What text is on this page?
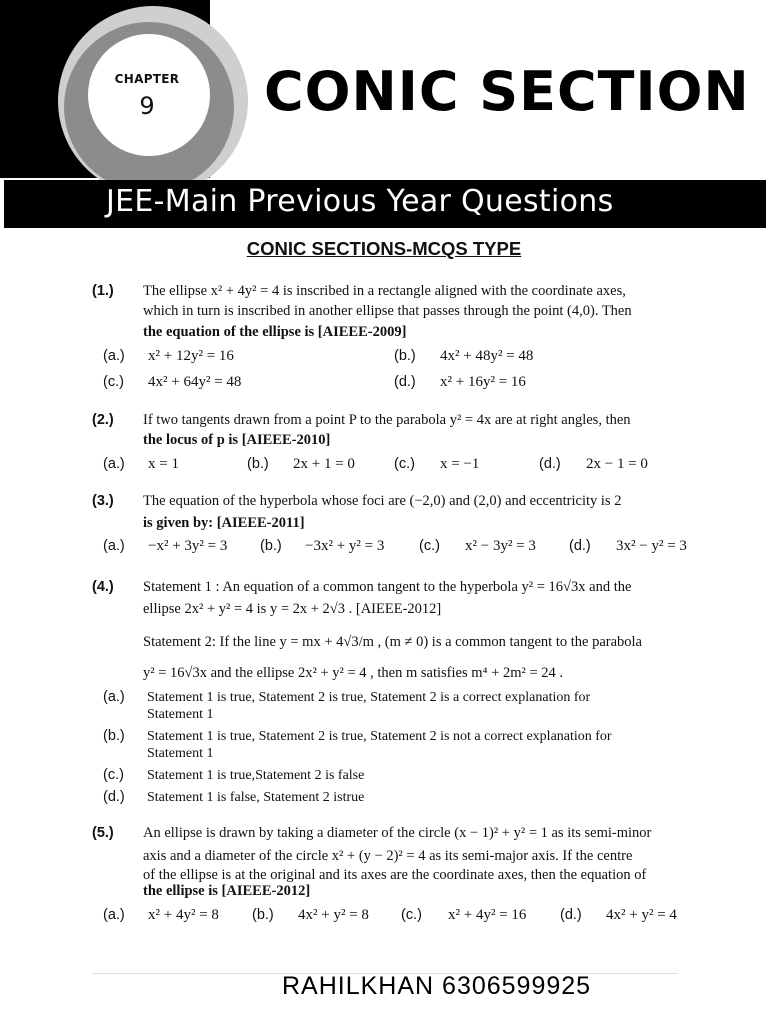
CHAPTER
9	CONIC SECTION
JEE-Main Previous Year Questions
CONIC SECTIONS-MCQS TYPE
(1.) The ellipse x² + 4y² = 4 is inscribed in a rectangle aligned with the coordinate axes,
which in turn is inscribed in another ellipse that passes through the point (4,0). Then
the equation of the ellipse is [AIEEE-2009]
(a.) x² + 12y² = 16	(b.) 4x² + 48y² = 48
(c.) 4x² + 64y² = 48	(d.) x² + 16y² = 16
(2.) If two tangents drawn from a point P to the parabola y² = 4x are at right angles, then
the locus of p is [AIEEE-2010]
(a.) x = 1	(b.) 2x + 1 = 0	(c.) x = −1	(d.) 2x − 1 = 0
(3.) The equation of the hyperbola whose foci are (−2,0) and (2,0) and eccentricity is 2
is given by: [AIEEE-2011]
(a.) −x² + 3y² = 3 (b.) −3x² + y² = 3 (c.) x² − 3y² = 3 (d.) 3x² − y² = 3
(4.) Statement 1 : An equation of a common tangent to the hyperbola y² = 16√3x and the
ellipse 2x² + y² = 4 is y = 2x + 2√3 . [AIEEE-2012]
Statement 2: If the line y = mx + 4√3/m , (m ≠ 0) is a common tangent to the parabola
y² = 16√3x and the ellipse 2x² + y² = 4 , then m satisfies m⁴ + 2m² = 24 .
(a.) Statement 1 is true, Statement 2 is true, Statement 2 is a correct explanation for
Statement 1
(b.) Statement 1 is true, Statement 2 is true, Statement 2 is not a correct explanation for
Statement 1
(c.) Statement 1 is true,Statement 2 is false
(d.) Statement 1 is false, Statement 2 istrue
(5.) An ellipse is drawn by taking a diameter of the circle (x − 1)² + y² = 1 as its semi-minor
axis and a diameter of the circle x² + (y − 2)² = 4 as its semi-major axis. If the centre
of the ellipse is at the original and its axes are the coordinate axes, then the equation of
the ellipse is [AIEEE-2012]
(a.) x² + 4y² = 8 (b.) 4x² + y² = 8 (c.) x² + 4y² = 16 (d.) 4x² + y² = 4
RAHILKHAN 6306599925
